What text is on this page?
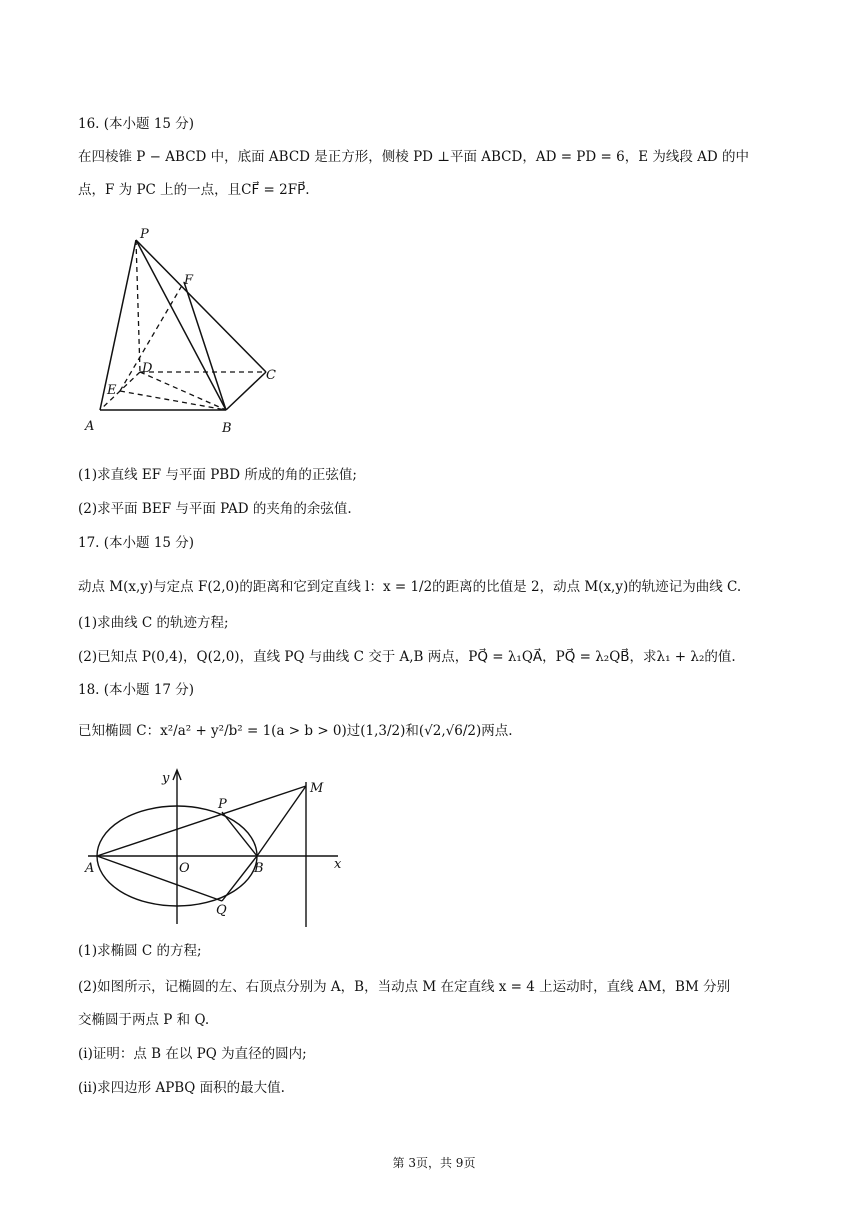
16. (本小题 15 分)
在四棱锥 P − ABCD 中，底面 ABCD 是正方形，侧棱 PD ⊥平面 ABCD，AD = PD = 6，E 为线段 AD 的中
点，F 为 PC 上的一点，且CF⃗ = 2FP⃗.
P
F
D	C
E
A	B
(1)求直线 EF 与平面 PBD 所成的角的正弦值;
(2)求平面 BEF 与平面 PAD 的夹角的余弦值.
17. (本小题 15 分)
动点 M(x,y)与定点 F(2,0)的距离和它到定直线 l：x = 1/2的距离的比值是 2，动点 M(x,y)的轨迹记为曲线 C.
(1)求曲线 C 的轨迹方程;
(2)已知点 P(0,4)，Q(2,0)，直线 PQ 与曲线 C 交于 A,B 两点，PQ⃗ = λ₁QA⃗，PQ⃗ = λ₂QB⃗，求λ₁ + λ₂的值.
18. (本小题 17 分)
已知椭圆 C：x²/a² + y²/b² = 1(a > b > 0)过(1,3/2)和(√2,√6/2)两点.
y
x
M
P
A	O	B
Q
(1)求椭圆 C 的方程;
(2)如图所示，记椭圆的左、右顶点分别为 A，B，当动点 M 在定直线 x = 4 上运动时，直线 AM，BM 分别
交椭圆于两点 P 和 Q.
(i)证明：点 B 在以 PQ 为直径的圆内;
(ii)求四边形 APBQ 面积的最大值.
第 3页，共 9页
